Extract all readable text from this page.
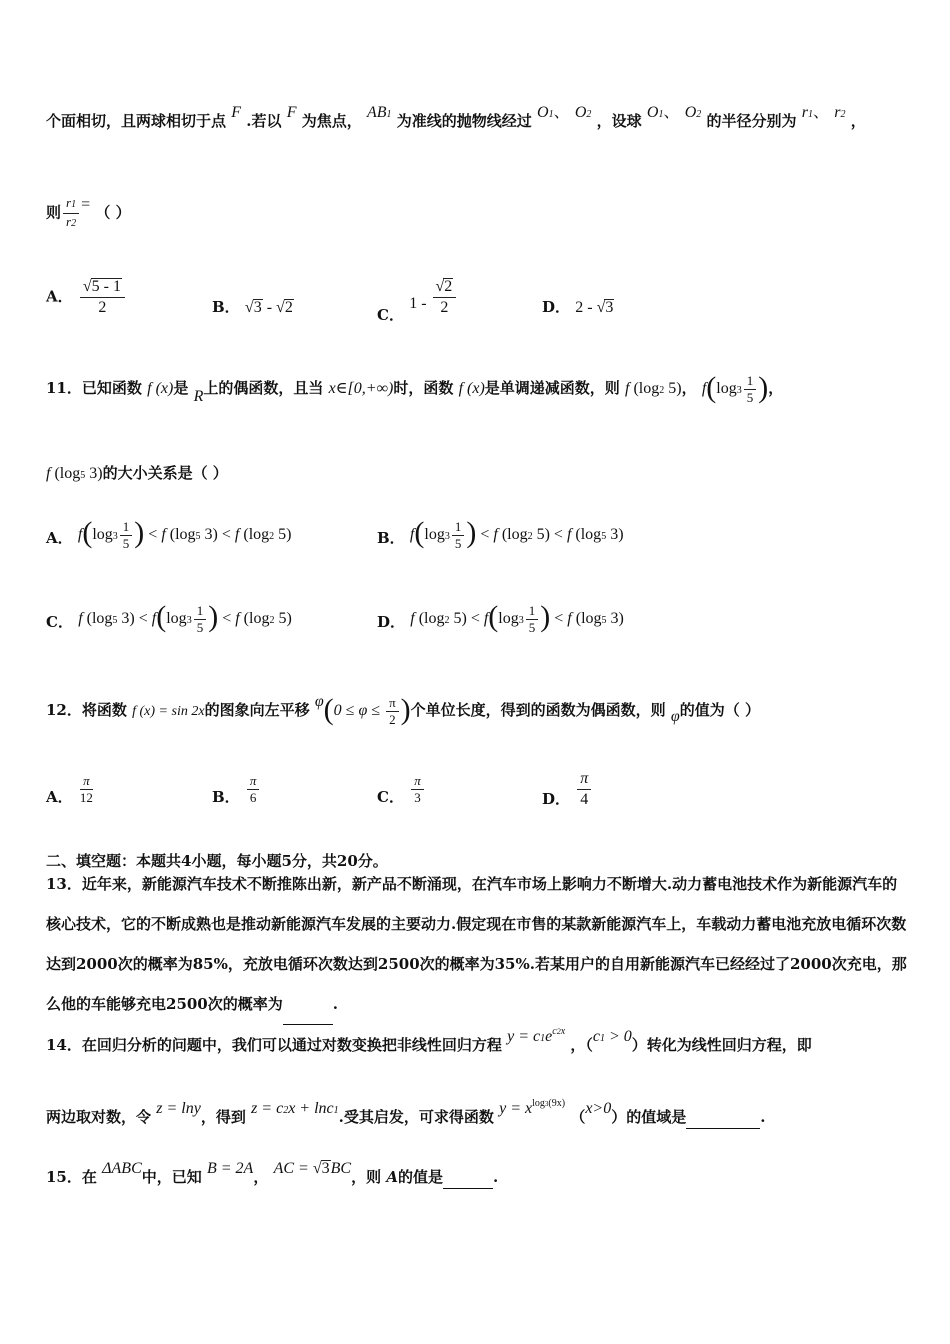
个面相切，且两球相切于点 F .若以 F 为焦点， AB1 为准线的抛物线经过 O1、 O2 ，设球 O1、 O2 的半径分别为 r1、 r2 ，
则 $\frac{r1}{r2}$ = （ ）
A． $\frac{√5 - 1}{2}$	B． √3 - √2	C． $1 - \frac{√2}{2}$	D． 2 - √3
11．已知函数 f (x)是 R上的偶函数，且当 x∈[0,+∞)时，函数 f (x)是单调递减函数，则 f (log2 5)， $f(\log 3 \frac{1}{5}$ )，
f (log5 3)的大小关系是（ ）
A． $f(\log 3 \frac{1}{5}$ ) < f (log5 3) < f (log2 5)	B． $f(\log 3 \frac{1}{5}$ ) < f (log2 5) < f (log5 3)
C． f (log5 $3) < f(\log 3 \frac{1}{5}$ ) < f (log2 5)	D． f (log2 $5) < f(\log 3 \frac{1}{5}$ ) < f (log5 3)
12．将函数 f (x) = sin 2x的图象向左平移 $\varphi(0 \le \varphi \le \frac{\pi}{2}$ )个单位长度，得到的函数为偶函数，则 φ的值为（ ）
A． $\frac{\pi}{12}$	B． $\frac{\pi}{6}$	C． $\frac{\pi}{3}$	D． $\frac{\pi}{4}$
二、填空题：本题共4小题，每小题5分，共20分。
13．近年来，新能源汽车技术不断推陈出新，新产品不断涌现，在汽车市场上影响力不断增大.动力蓄电池技术作为新能源汽车的核心技术，它的不断成熟也是推动新能源汽车发展的主要动力.假定现在市售的某款新能源汽车上，车载动力蓄电池充放电循环次数达到2000次的概率为85%，充放电循环次数达到2500次的概率为35%.若某用户的自用新能源汽车已经经过了2000次充电，那么他的车能够充电2500次的概率为	.
14．在回归分析的问题中，我们可以通过对数变换把非线性回归方程 $y = c1e^{c2x}$ ，（c1 > 0）转化为线性回归方程，即
两边取对数，令 z = lny，得到 z = c2x + lnc1.受其启发，可求得函数 $y = x^{log3(9x)}$ （x>0）的值域是	.
15．在 ΔABC中，已知 B = 2A， AC = √3BC，则 A的值是	.
